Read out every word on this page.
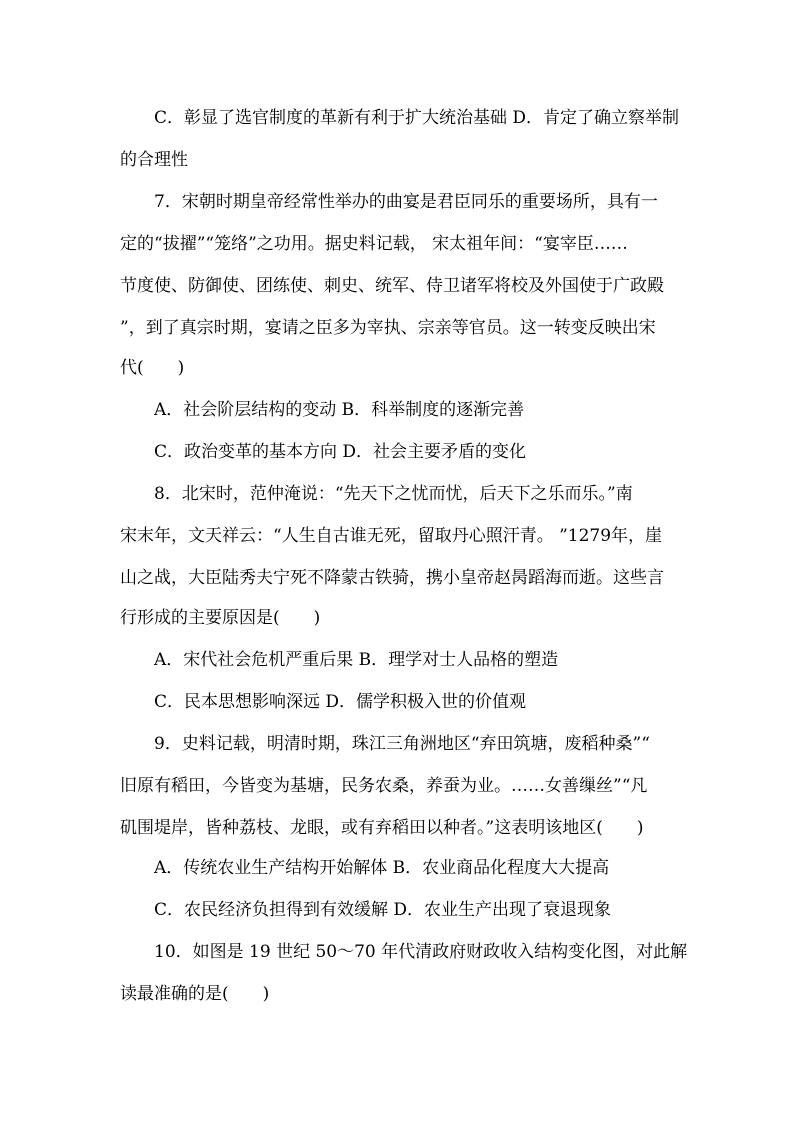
C．彰显了选官制度的革新有利于扩大统治基础 D．肯定了确立察举制
的合理性
7．宋朝时期皇帝经常性举办的曲宴是君臣同乐的重要场所，具有一
定的“拔擢”“笼络”之功用。据史料记载， 宋太祖年间：“宴宰臣……
节度使、防御使、团练使、刺史、统军、侍卫诸军将校及外国使于广政殿
”，到了真宗时期，宴请之臣多为宰执、宗亲等官员。这一转变反映出宋
代(　　)
A．社会阶层结构的变动 B．科举制度的逐渐完善
C．政治变革的基本方向 D．社会主要矛盾的变化
8．北宋时，范仲淹说：“先天下之忧而忧，后天下之乐而乐。”南
宋末年，文天祥云：“人生自古谁无死，留取丹心照汗青。 ”1279年，崖
山之战，大臣陆秀夫宁死不降蒙古铁骑，携小皇帝赵昺蹈海而逝。这些言
行形成的主要原因是(　　)
A．宋代社会危机严重后果 B．理学对士人品格的塑造
C．民本思想影响深远 D．儒学积极入世的价值观
9．史料记载，明清时期，珠江三角洲地区“弃田筑塘，废稻种桑”“
旧原有稻田，今皆变为基塘，民务农桑，养蚕为业。……女善缫丝”“凡
矶围堤岸，皆种荔枝、龙眼，或有弃稻田以种者。”这表明该地区(　　)
A．传统农业生产结构开始解体 B．农业商品化程度大大提高
C．农民经济负担得到有效缓解 D．农业生产出现了衰退现象
10．如图是 19 世纪 50～70 年代清政府财政收入结构变化图，对此解
读最准确的是(　　)
